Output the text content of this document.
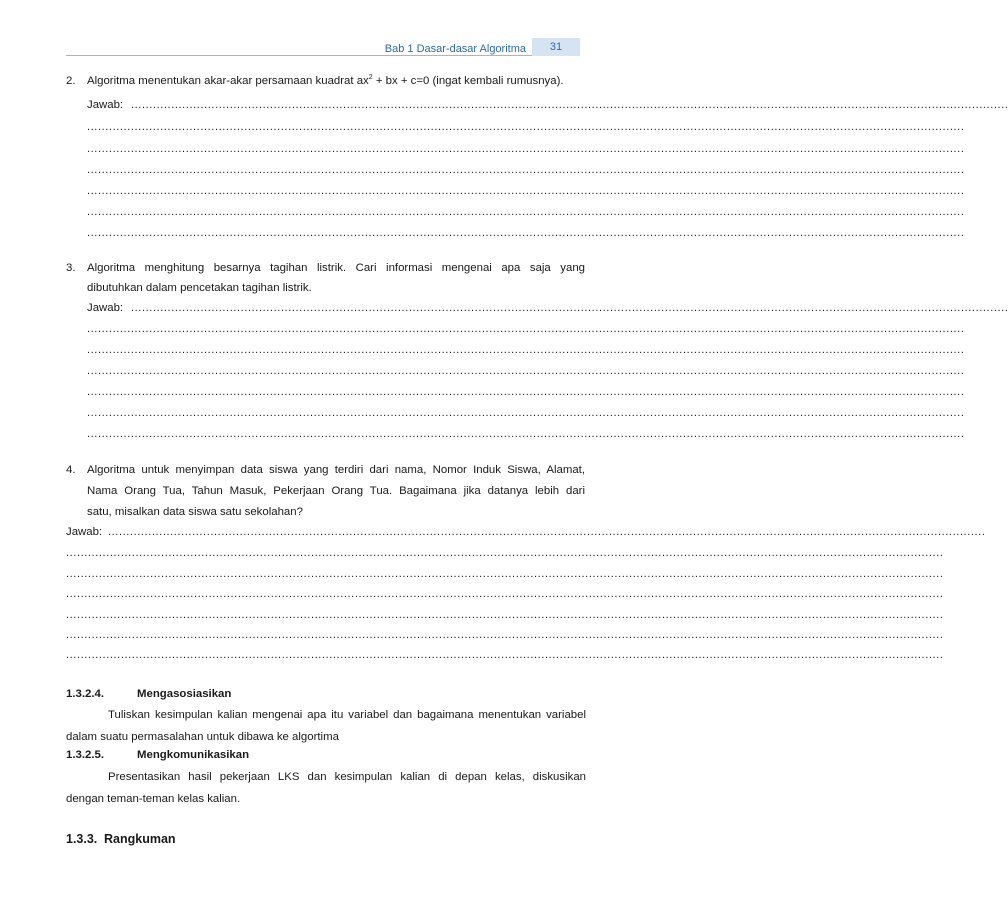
Bab 1 Dasar-dasar Algoritma	31
2. Algoritma menentukan akar-akar persamaan kuadrat $ax^2$ + bx + c=0 (ingat kembali rumusnya).
Jawab: ................................................................................................................................................................................................................................................
................................................................................................................................................................................................................................................
................................................................................................................................................................................................................................................
................................................................................................................................................................................................................................................
................................................................................................................................................................................................................................................
................................................................................................................................................................................................................................................
................................................................................................................................................................................................................................................
3. Algoritma menghitung besarnya tagihan listrik. Cari informasi mengenai apa saja yang
dibutuhkan dalam pencetakan tagihan listrik.
Jawab: ................................................................................................................................................................................................................................................
................................................................................................................................................................................................................................................
................................................................................................................................................................................................................................................
................................................................................................................................................................................................................................................
................................................................................................................................................................................................................................................
................................................................................................................................................................................................................................................
................................................................................................................................................................................................................................................
4. Algoritma untuk menyimpan data siswa yang terdiri dari nama, Nomor Induk Siswa, Alamat,
Nama Orang Tua, Tahun Masuk, Pekerjaan Orang Tua. Bagaimana jika datanya lebih dari
satu, misalkan data siswa satu sekolahan?
Jawab: ................................................................................................................................................................................................................................................
................................................................................................................................................................................................................................................
................................................................................................................................................................................................................................................
................................................................................................................................................................................................................................................
................................................................................................................................................................................................................................................
................................................................................................................................................................................................................................................
................................................................................................................................................................................................................................................
1.3.2.4.	Mengasosiasikan
Tuliskan kesimpulan kalian mengenai apa itu variabel dan bagaimana menentukan variabel
dalam suatu permasalahan untuk dibawa ke algortima
1.3.2.5.	Mengkomunikasikan
Presentasikan hasil pekerjaan LKS dan kesimpulan kalian di depan kelas, diskusikan
dengan teman-teman kelas kalian.
1.3.3. Rangkuman
